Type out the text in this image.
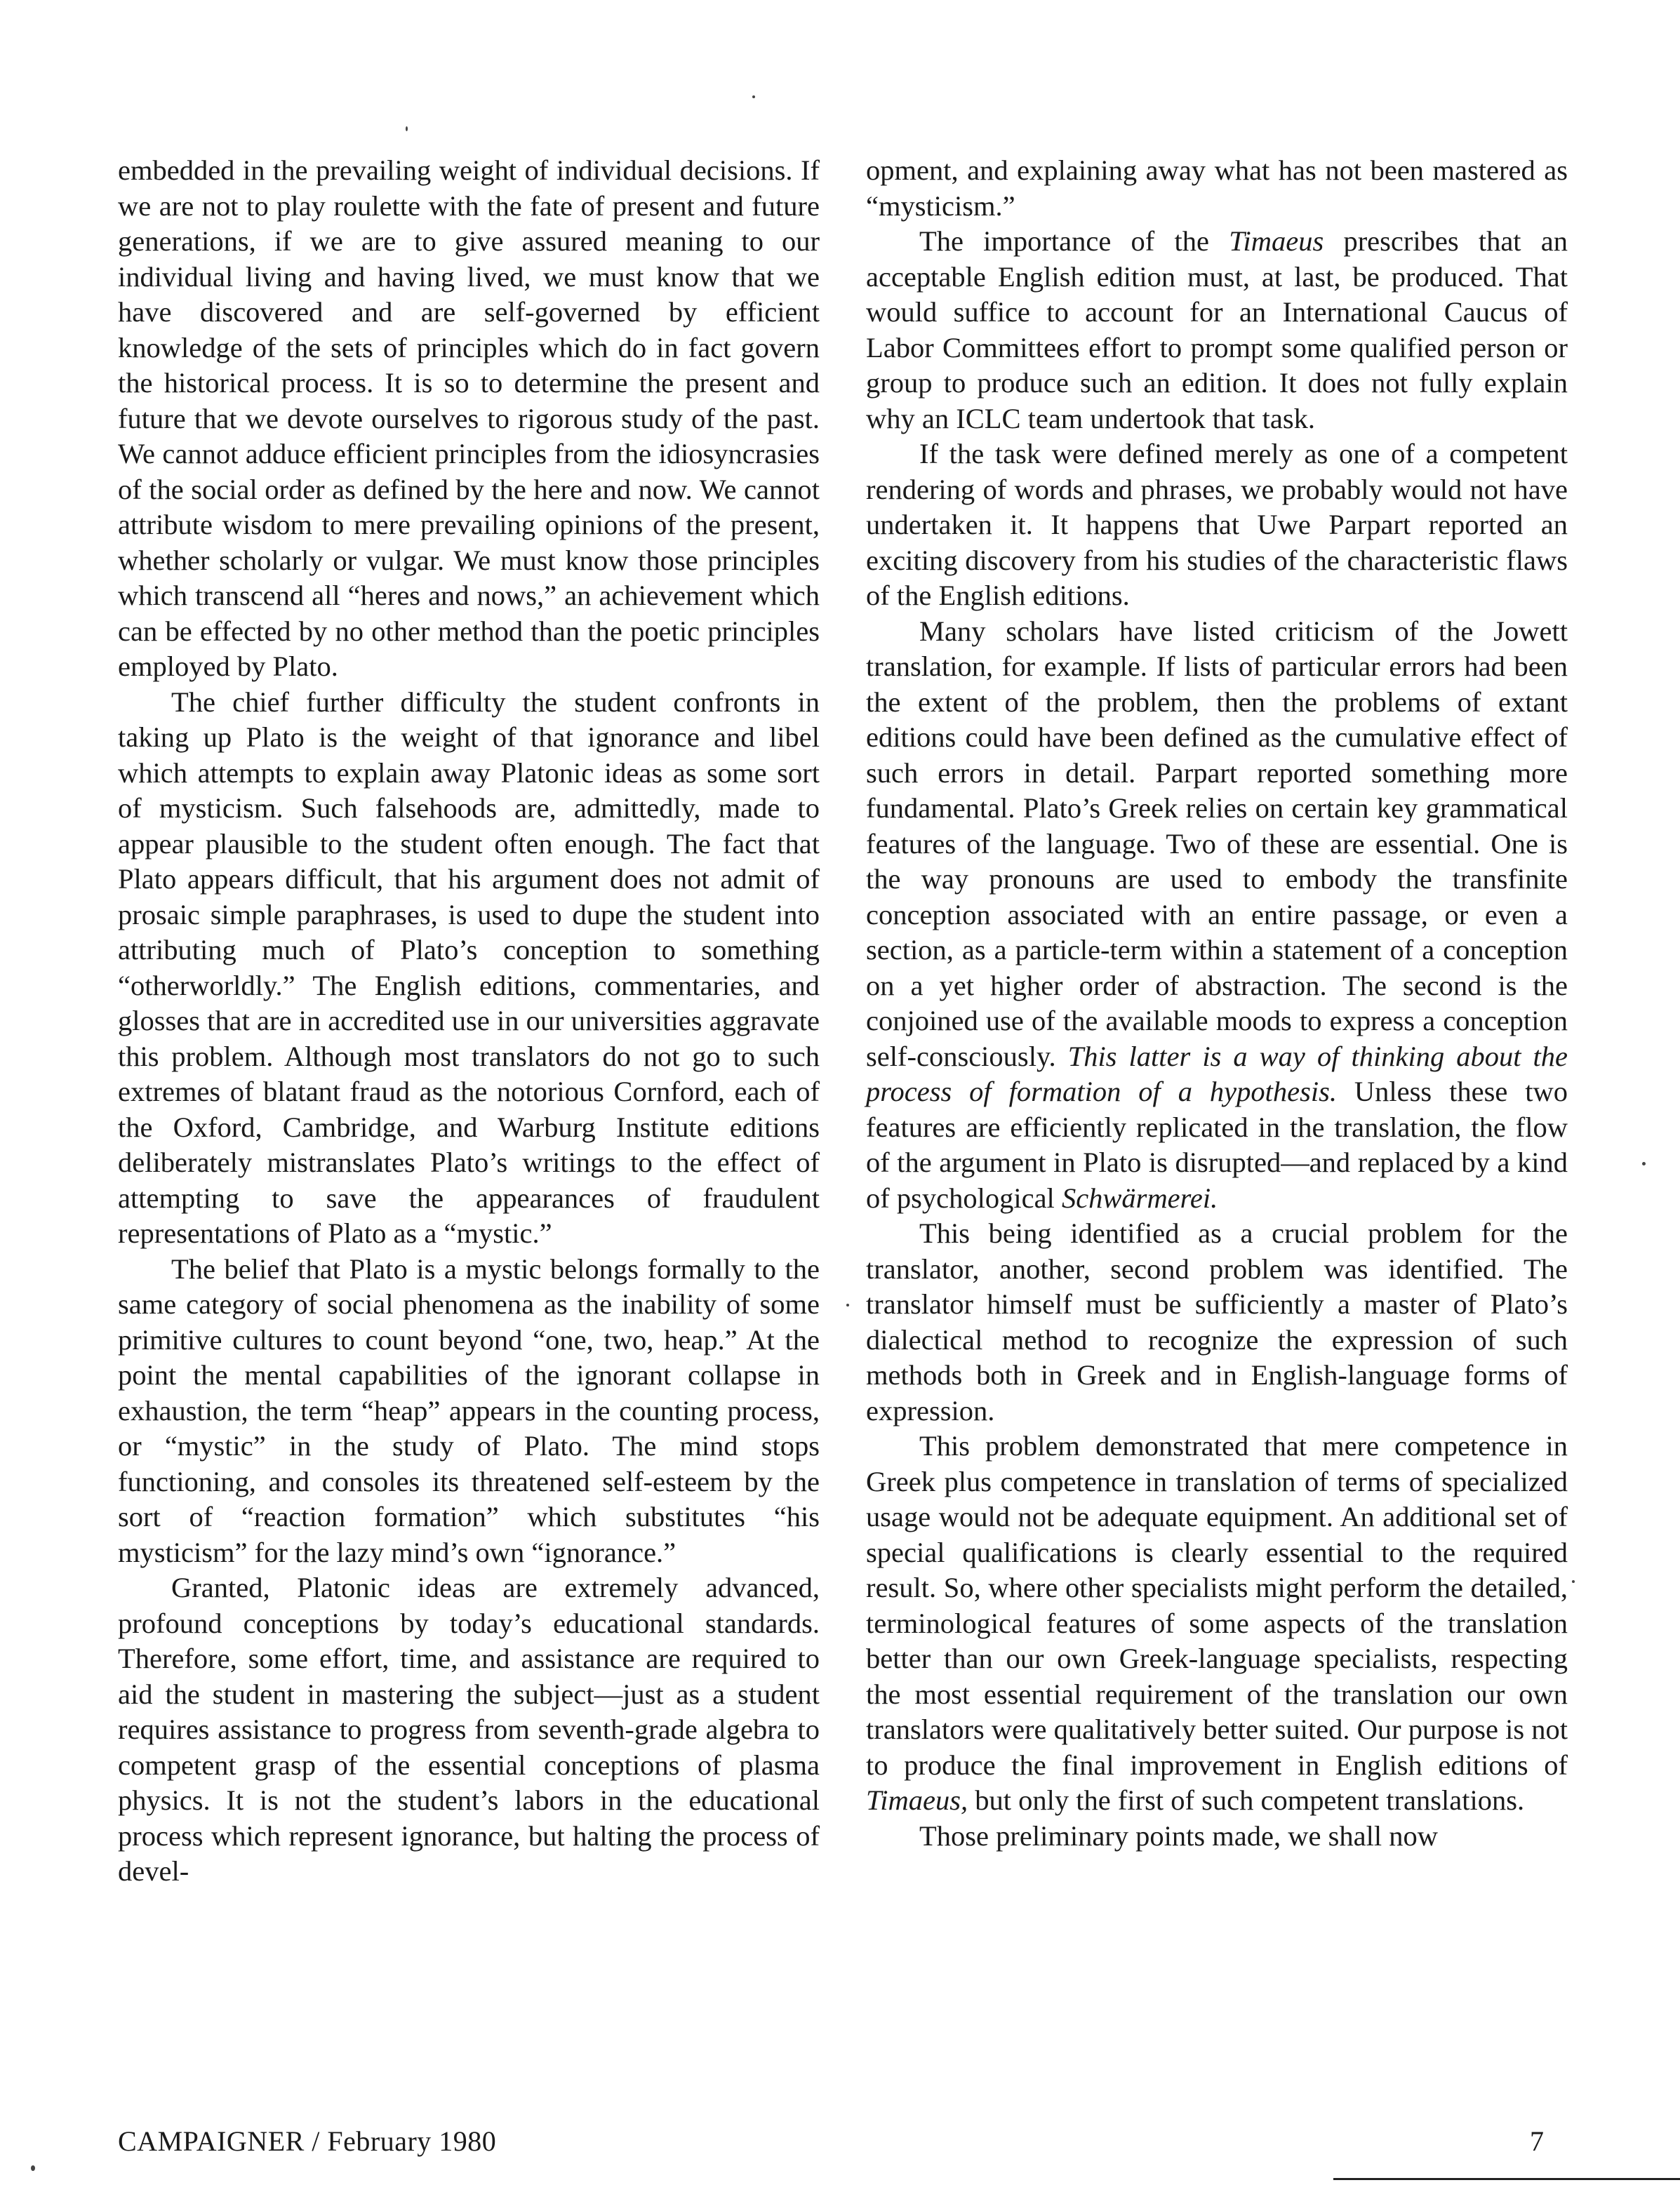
embedded in the prevailing weight of individual decisions. If we are not to play roulette with the fate of present and future generations, if we are to give assured meaning to our individual living and having lived, we must know that we have discovered and are self-governed by efficient knowledge of the sets of principles which do in fact govern the historical process. It is so to determine the present and future that we devote ourselves to rigorous study of the past. We cannot adduce efficient principles from the idiosyncrasies of the social order as defined by the here and now. We cannot attribute wisdom to mere prevailing opinions of the present, whether scholarly or vulgar. We must know those principles which transcend all “heres and nows,” an achievement which can be effected by no other method than the poetic principles employed by Plato.

The chief further difficulty the student confronts in taking up Plato is the weight of that ignorance and libel which attempts to explain away Platonic ideas as some sort of mysticism. Such falsehoods are, admittedly, made to appear plausible to the student often enough. The fact that Plato appears difficult, that his argument does not admit of prosaic simple paraphrases, is used to dupe the student into attributing much of Plato’s conception to something “otherworldly.” The English editions, commentaries, and glosses that are in accredited use in our universities aggravate this problem. Although most translators do not go to such extremes of blatant fraud as the notorious Cornford, each of the Oxford, Cambridge, and Warburg Institute editions deliberately mistranslates Plato’s writings to the effect of attempting to save the appearances of fraudulent representations of Plato as a “mystic.”

The belief that Plato is a mystic belongs formally to the same category of social phenomena as the inability of some primitive cultures to count beyond “one, two, heap.” At the point the mental capabilities of the ignorant collapse in exhaustion, the term “heap” appears in the counting process, or “mystic” in the study of Plato. The mind stops functioning, and consoles its threatened self-esteem by the sort of “reaction formation” which substitutes “his mysticism” for the lazy mind’s own “ignorance.”

Granted, Platonic ideas are extremely advanced, profound conceptions by today’s educational standards. Therefore, some effort, time, and assistance are required to aid the student in mastering the subject—just as a student requires assistance to progress from seventh-grade algebra to competent grasp of the essential conceptions of plasma physics. It is not the student’s labors in the educational process which represent ignorance, but halting the process of devel-

opment, and explaining away what has not been mastered as “mysticism.”

The importance of the Timaeus prescribes that an acceptable English edition must, at last, be produced. That would suffice to account for an International Caucus of Labor Committees effort to prompt some qualified person or group to produce such an edition. It does not fully explain why an ICLC team undertook that task.

If the task were defined merely as one of a competent rendering of words and phrases, we probably would not have undertaken it. It happens that Uwe Parpart reported an exciting discovery from his studies of the characteristic flaws of the English editions.

Many scholars have listed criticism of the Jowett translation, for example. If lists of particular errors had been the extent of the problem, then the problems of extant editions could have been defined as the cumulative effect of such errors in detail. Parpart reported something more fundamental. Plato’s Greek relies on certain key grammatical features of the language. Two of these are essential. One is the way pronouns are used to embody the transfinite conception associated with an entire passage, or even a section, as a particle-term within a statement of a conception on a yet higher order of abstraction. The second is the conjoined use of the available moods to express a conception self-consciously. This latter is a way of thinking about the process of formation of a hypothesis. Unless these two features are efficiently replicated in the translation, the flow of the argument in Plato is disrupted—and replaced by a kind of psychological Schwärmerei.

This being identified as a crucial problem for the translator, another, second problem was identified. The translator himself must be sufficiently a master of Plato’s dialectical method to recognize the expression of such methods both in Greek and in English-language forms of expression.

This problem demonstrated that mere competence in Greek plus competence in translation of terms of specialized usage would not be adequate equipment. An additional set of special qualifications is clearly essential to the required result. So, where other specialists might perform the detailed, terminological features of some aspects of the translation better than our own Greek-language specialists, respecting the most essential requirement of the translation our own translators were qualitatively better suited. Our purpose is not to produce the final improvement in English editions of Timaeus, but only the first of such competent translations.

Those preliminary points made, we shall now

CAMPAIGNER / February 1980	7
